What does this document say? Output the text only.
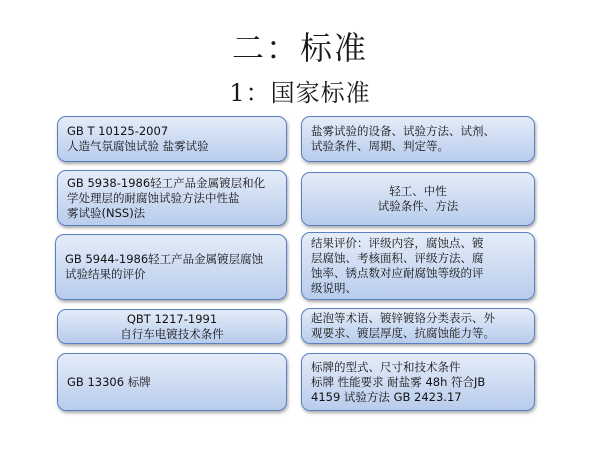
二：标准
1：国家标准
GB T 10125-2007
人造气氛腐蚀试验 盐雾试验
GB 5938-1986轻工产品金属镀层和化
学处理层的耐腐蚀试验方法中性盐
雾试验(NSS)法
GB 5944-1986轻工产品金属镀层腐蚀
试验结果的评价
QBT 1217-1991
自行车电镀技术条件
GB 13306 标牌
盐雾试验的设备、试验方法、试剂、
试验条件、周期、判定等。
轻工、中性
试验条件、方法
结果评价：评级内容，腐蚀点、镀
层腐蚀、考核面积、评级方法、腐
蚀率、锈点数对应耐腐蚀等级的评
级说明、
起泡等术语、镀锌镀铬分类表示、外
观要求、镀层厚度、抗腐蚀能力等。
标牌的型式、尺寸和技术条件
标牌 性能要求 耐盐雾 48h 符合JB
4159 试验方法 GB 2423.17
